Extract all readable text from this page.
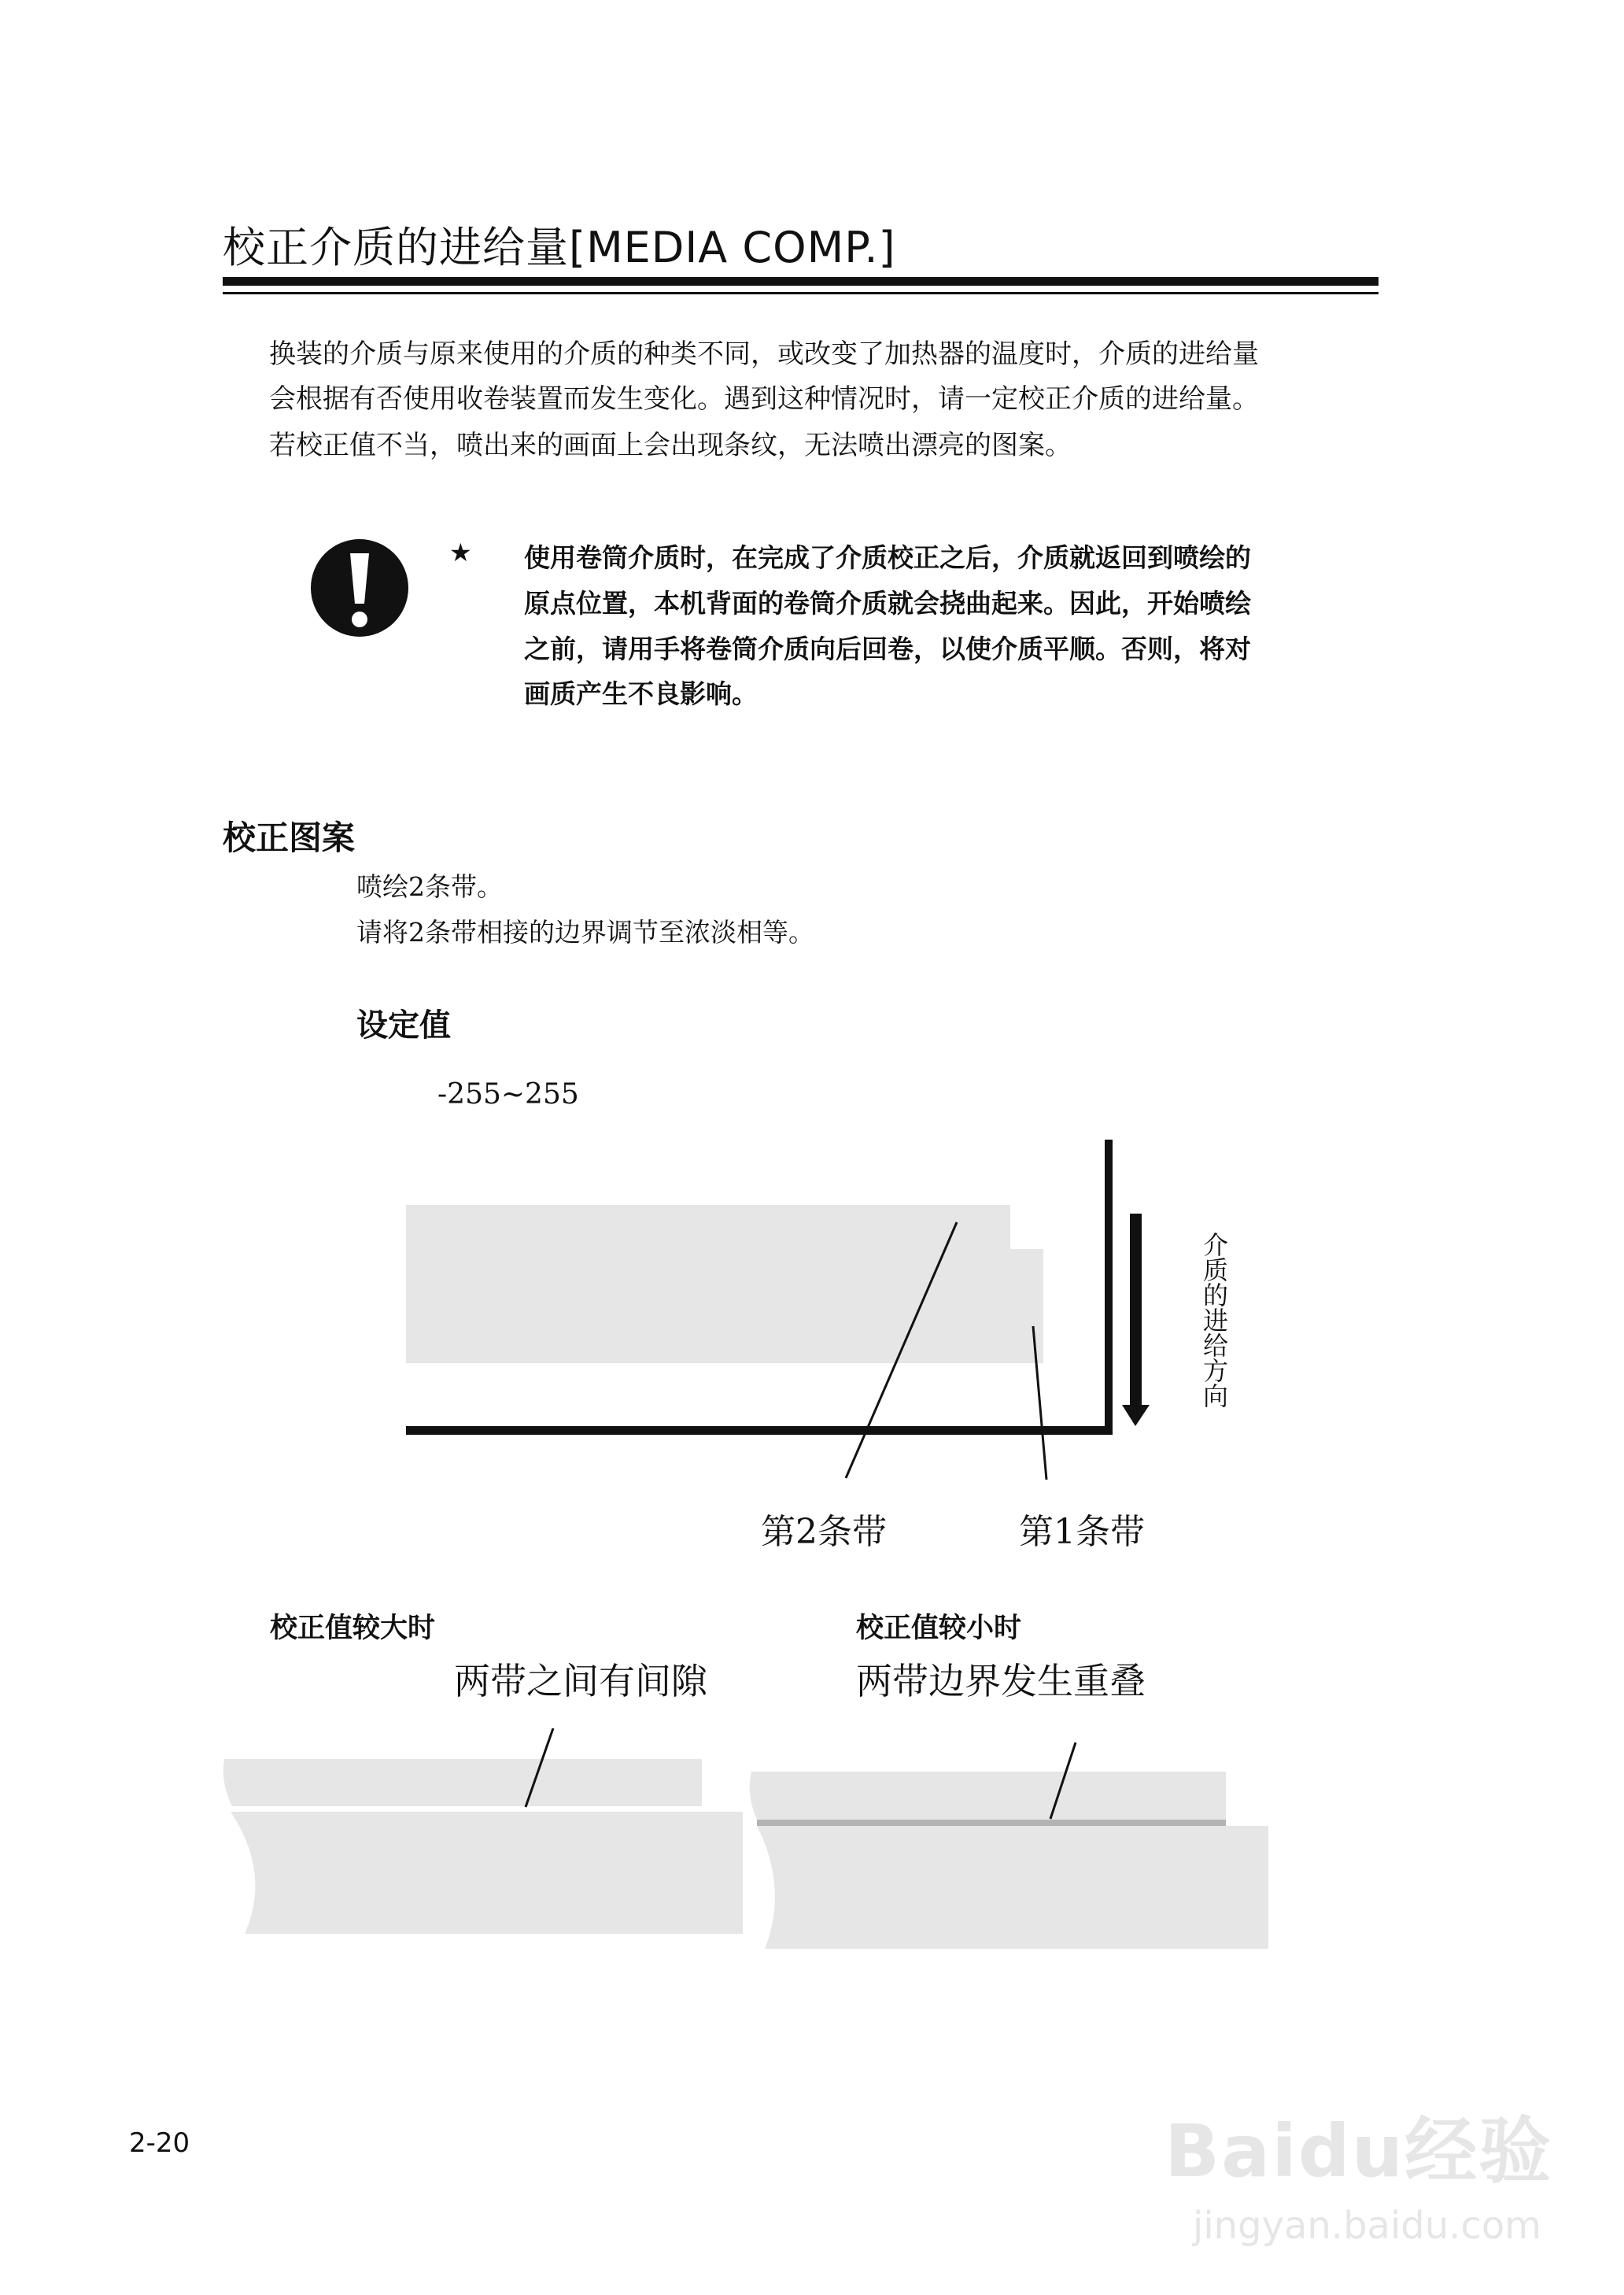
校正介质的进给量[MEDIA COMP.]
换装的介质与原来使用的介质的种类不同，或改变了加热器的温度时，介质的进给量
会根据有否使用收卷装置而发生变化。遇到这种情况时，请一定校正介质的进给量。
若校正值不当，喷出来的画面上会出现条纹，无法喷出漂亮的图案。
★ 使用卷筒介质时，在完成了介质校正之后，介质就返回到喷绘的
原点位置，本机背面的卷筒介质就会挠曲起来。因此，开始喷绘
之前，请用手将卷筒介质向后回卷，以使介质平顺。否则，将对
画质产生不良影响。
校正图案
喷绘2条带。
请将2条带相接的边界调节至浓淡相等。
设定值
-255~255
介质的进给方向
第2条带	第1条带
校正值较大时
两带之间有间隙
校正值较小时
两带边界发生重叠
2-20	Baidu经验
jingyan.baidu.com
